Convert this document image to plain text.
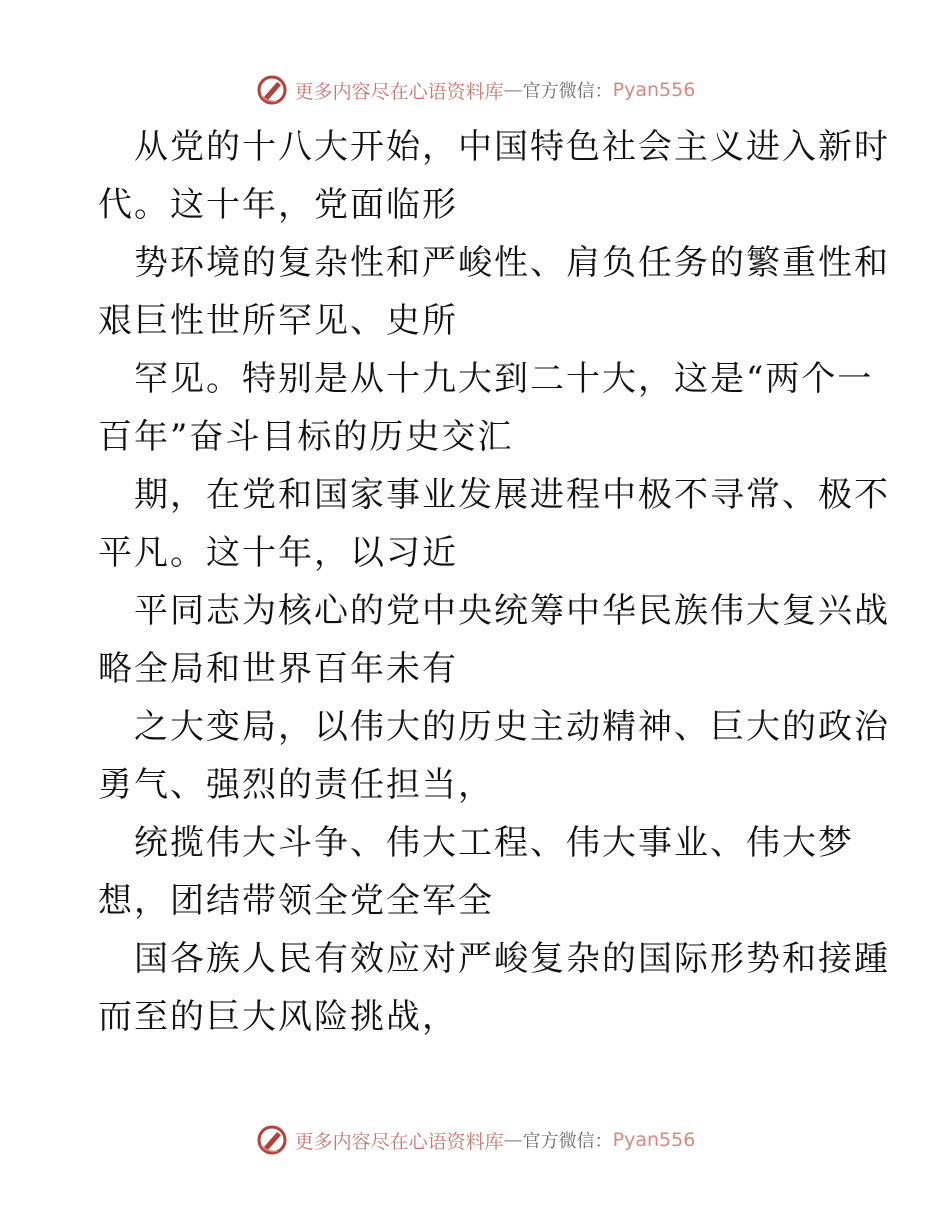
更多内容尽在心语资料库 — 官方微信： Pyan556
从党的十八大开始，中国特色社会主义进入新时
代。这十年，党面临形
势环境的复杂性和严峻性、肩负任务的繁重性和
艰巨性世所罕见、史所
罕见。特别是从十九大到二十大，这是“两个一
百年”奋斗目标的历史交汇
期，在党和国家事业发展进程中极不寻常、极不
平凡。这十年，以习近
平同志为核心的党中央统筹中华民族伟大复兴战
略全局和世界百年未有
之大变局，以伟大的历史主动精神、巨大的政治
勇气、强烈的责任担当，
统揽伟大斗争、伟大工程、伟大事业、伟大梦
想，团结带领全党全军全
国各族人民有效应对严峻复杂的国际形势和接踵
而至的巨大风险挑战，
更多内容尽在心语资料库 — 官方微信： Pyan556
